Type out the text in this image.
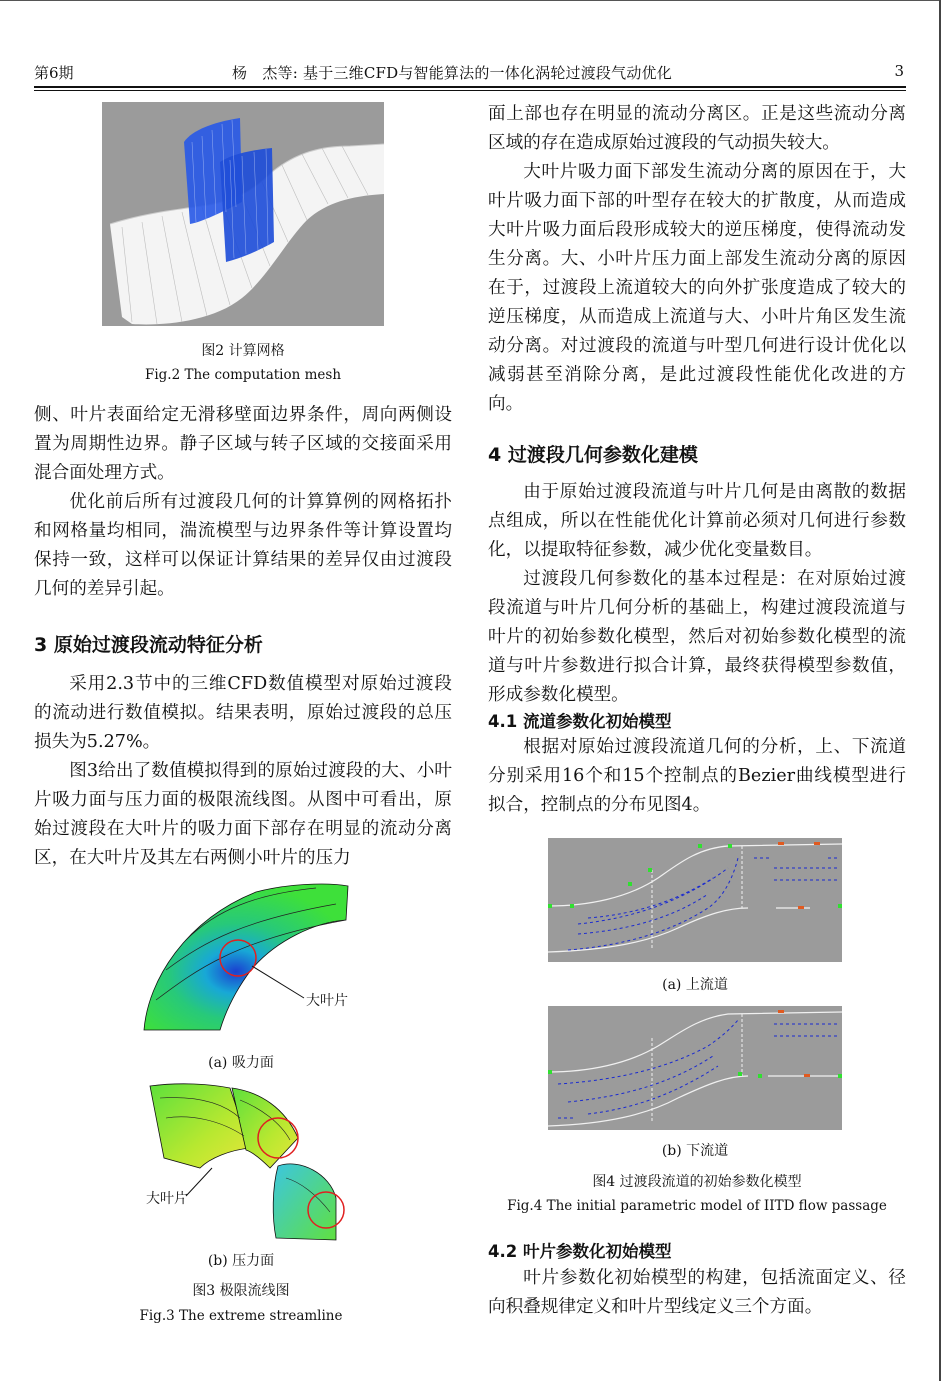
第6期	杨　杰等: 基于三维CFD与智能算法的一体化涡轮过渡段气动优化	3
图2 计算网格
Fig.2 The computation mesh

侧、叶片表面给定无滑移壁面边界条件，周向两侧设置为周期性边界。静子区域与转子区域的交接面采用混合面处理方式。

优化前后所有过渡段几何的计算算例的网格拓扑和网格量均相同，湍流模型与边界条件等计算设置均保持一致，这样可以保证计算结果的差异仅由过渡段几何的差异引起。

3 原始过渡段流动特征分析

采用2.3节中的三维CFD数值模型对原始过渡段的流动进行数值模拟。结果表明，原始过渡段的总压损失为5.27%。

图3给出了数值模拟得到的原始过渡段的大、小叶片吸力面与压力面的极限流线图。从图中可看出，原始过渡段在大叶片的吸力面下部存在明显的流动分离区，在大叶片及其左右两侧小叶片的压力

大叶片
(a) 吸力面
大叶片
(b) 压力面
图3 极限流线图
Fig.3 The extreme streamline

面上部也存在明显的流动分离区。正是这些流动分离区域的存在造成原始过渡段的气动损失较大。

大叶片吸力面下部发生流动分离的原因在于，大叶片吸力面下部的叶型存在较大的扩散度，从而造成大叶片吸力面后段形成较大的逆压梯度，使得流动发生分离。大、小叶片压力面上部发生流动分离的原因在于，过渡段上流道较大的向外扩张度造成了较大的逆压梯度，从而造成上流道与大、小叶片角区发生流动分离。对过渡段的流道与叶型几何进行设计优化以减弱甚至消除分离，是此过渡段性能优化改进的方向。

4 过渡段几何参数化建模

由于原始过渡段流道与叶片几何是由离散的数据点组成，所以在性能优化计算前必须对几何进行参数化，以提取特征参数，减少优化变量数目。

过渡段几何参数化的基本过程是：在对原始过渡段流道与叶片几何分析的基础上，构建过渡段流道与叶片的初始参数化模型，然后对初始参数化模型的流道与叶片参数进行拟合计算，最终获得模型参数值，形成参数化模型。

4.1 流道参数化初始模型

根据对原始过渡段流道几何的分析，上、下流道分别采用16个和15个控制点的Bezier曲线模型进行拟合，控制点的分布见图4。

(a) 上流道
(b) 下流道
图4 过渡段流道的初始参数化模型
Fig.4 The initial parametric model of IITD flow passage
4.2 叶片参数化初始模型

叶片参数化初始模型的构建，包括流面定义、径向积叠规律定义和叶片型线定义三个方面。
